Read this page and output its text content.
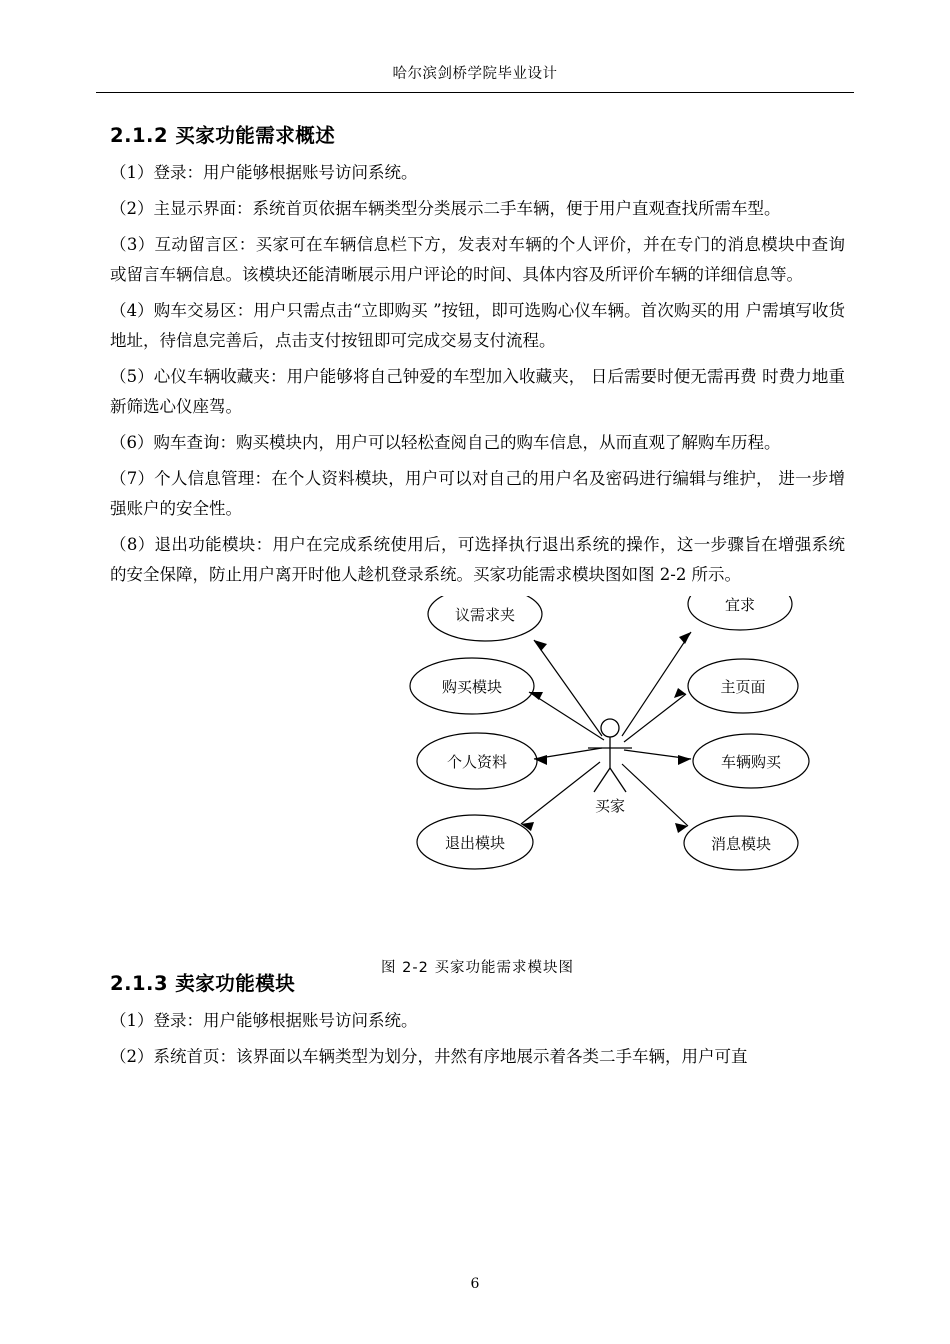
哈尔滨剑桥学院毕业设计
2.1.2 买家功能需求概述

（1）登录：用户能够根据账号访问系统。

（2）主显示界面：系统首页依据车辆类型分类展示二手车辆，便于用户直观查找所需车型。

（3）互动留言区：买家可在车辆信息栏下方，发表对车辆的个人评价，并在专门的消息模块中查询或留言车辆信息。该模块还能清晰展示用户评论的时间、具体内容及所评价车辆的详细信息等。

（4）购车交易区：用户只需点击“立即购买 ”按钮，即可选购心仪车辆。首次购买的用 户需填写收货地址，待信息完善后，点击支付按钮即可完成交易支付流程。

（5）心仪车辆收藏夹：用户能够将自己钟爱的车型加入收藏夹， 日后需要时便无需再费 时费力地重新筛选心仪座驾。

（6）购车查询：购买模块内，用户可以轻松查阅自己的购车信息，从而直观了解购车历程。

（7）个人信息管理：在个人资料模块，用户可以对自己的用户名及密码进行编辑与维护， 进一步增强账户的安全性。

（8）退出功能模块：用户在完成系统使用后，可选择执行退出系统的操作，这一步骤旨在增强系统的安全保障，防止用户离开时他人趁机登录系统。买家功能需求模块图如图 2-2 所示。

议需求夹
宜求
购买模块	主页面
个人资料	车辆购买
退出模块	消息模块
买家
图 2-2 买家功能需求模块图
2.1.3 卖家功能模块

（1）登录：用户能够根据账号访问系统。

（2）系统首页：该界面以车辆类型为划分，井然有序地展示着各类二手车辆，用户可直

6
